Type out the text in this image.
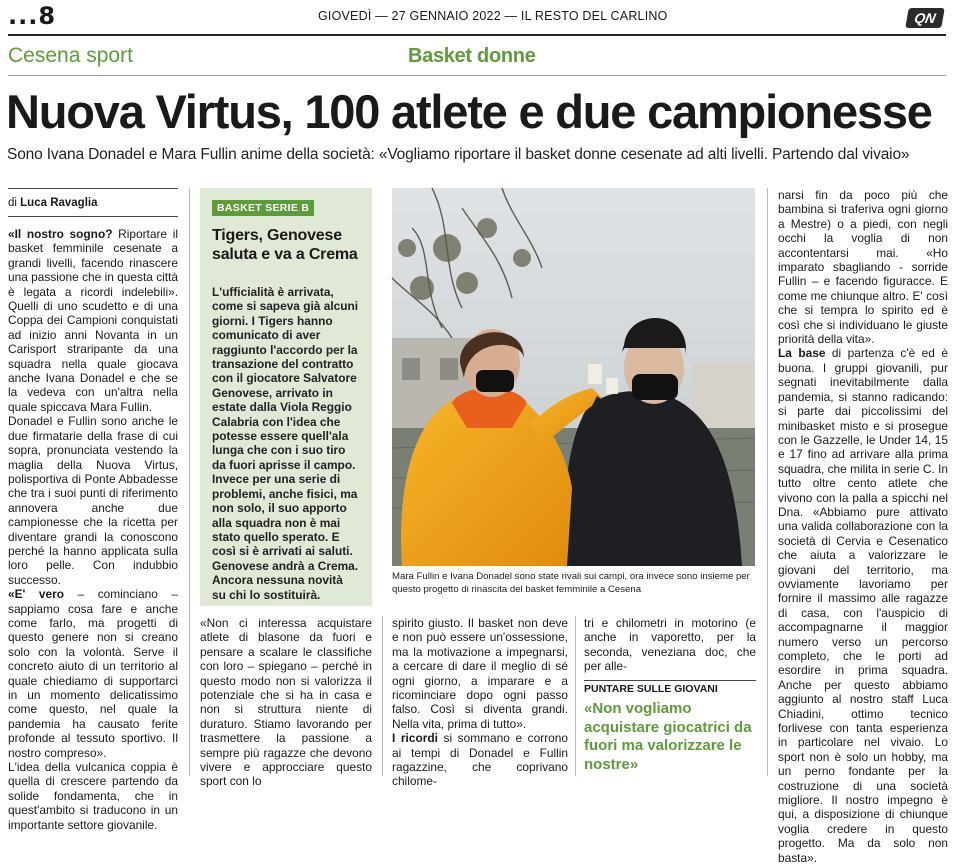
...8	GIOVEDÌ — 27 GENNAIO 2022 — IL RESTO DEL CARLINO	QN
Cesena sport	Basket donne
Nuova Virtus, 100 atlete e due campionesse
Sono Ivana Donadel e Mara Fullin anime della società: «Vogliamo riportare il basket donne cesenate ad alti livelli. Partendo dal vivaio»
di Luca Ravaglia

«Il nostro sogno? Riportare il basket femminile cesenate a grandi livelli, facendo rinascere una passione che in questa città è legata a ricordi indelebili». Quelli di uno scudetto e di una Coppa dei Campioni conquistati ad inizio anni Novanta in un Carisport straripante da una squadra nella quale giocava anche Ivana Donadel e che se la vedeva con un'altra nella quale spiccava Mara Fullin.

Donadel e Fullin sono anche le due firmatarie della frase di cui sopra, pronunciata vestendo la maglia della Nuova Virtus, polisportiva di Ponte Abbadesse che tra i suoi punti di riferimento annovera anche due campionesse che la ricetta per diventare grandi la conoscono perché la hanno applicata sulla loro pelle. Con indubbio successo.

«E' vero – cominciano – sappiamo cosa fare e anche come farlo, ma progetti di questo genere non si creano solo con la volontà. Serve il concreto aiuto di un territorio al quale chiediamo di supportarci in un momento delicatissimo come questo, nel quale la pandemia ha causato ferite profonde al tessuto sportivo. Il nostro compreso».

L'idea della vulcanica coppia è quella di crescere partendo da solide fondamenta, che in quest'ambito si traducono in un importante settore giovanile.

BASKET SERIE B
Tigers, Genovese saluta e va a Crema
L'ufficialità è arrivata, come si sapeva già alcuni giorni. I Tigers hanno comunicato di aver raggiunto l'accordo per la transazione del contratto con il giocatore Salvatore Genovese, arrivato in estate dalla Viola Reggio Calabria con l'idea che potesse essere quell'ala lunga che con i suo tiro da fuori aprisse il campo. Invece per una serie di problemi, anche fisici, ma non solo, il suo apporto alla squadra non è mai stato quello sperato. E così si è arrivati ai saluti. Genovese andrà a Crema. Ancora nessuna novità su chi lo sostituirà.
Mara Fullin e Ivana Donadel sono state rivali sui campi, ora invece sono insieme per questo progetto di rinascita del basket femminile a Cesena
«Non ci interessa acquistare atlete di blasone da fuori e pensare a scalare le classifiche con loro – spiegano – perché in questo modo non si valorizza il potenziale che si ha in casa e non si struttura niente di duraturo. Stiamo lavorando per trasmettere la passione a sempre più ragazze che devono vivere e approcciare questo sport con lo

spirito giusto. Il basket non deve e non può essere un'ossessione, ma la motivazione a impegnarsi, a cercare di dare il meglio di sé ogni giorno, a imparare e a ricominciare dopo ogni passo falso. Così si diventa grandi. Nella vita, prima di tutto».

I ricordi si sommano e corrono ai tempi di Donadel e Fullin ragazzine, che coprivano chilome-

tri e chilometri in motorino (e anche in vaporetto, per la seconda, veneziana doc, che per alle-
PUNTARE SULLE GIOVANI
«Non vogliamo acquistare giocatrici da fuori ma valorizzare le nostre»

narsi fin da poco più che bambina si traferiva ogni giorno a Mestre) o a piedi, con negli occhi la voglia di non accontentarsi mai. «Ho imparato sbagliando - sorride Fullin – e facendo figuracce. E come me chiunque altro. E' così che si tempra lo spirito ed è così che si individuano le giuste priorità della vita».

La base di partenza c'è ed è buona. I gruppi giovanili, pur segnati inevitabilmente dalla pandemia, si stanno radicando: si parte dai piccolissimi del minibasket misto e si prosegue con le Gazzelle, le Under 14, 15 e 17 fino ad arrivare alla prima squadra, che milita in serie C. In tutto oltre cento atlete che vivono con la palla a spicchi nel Dna. «Abbiamo pure attivato una valida collaborazione con la società di Cervia e Cesenatico che aiuta a valorizzare le giovani del territorio, ma ovviamente lavoriamo per fornire il massimo alle ragazze di casa, con l'auspicio di accompagnarne il maggior numero verso un percorso completo, che le porti ad esordire in prima squadra. Anche per questo abbiamo aggiunto al nostro staff Luca Chiadini, ottimo tecnico forlivese con tanta esperienza in particolare nel vivaio. Lo sport non è solo un hobby, ma un perno fondante per la costruzione di una società migliore. Il nostro impegno è qui, a disposizione di chiunque voglia credere in questo progetto. Ma da solo non basta».
